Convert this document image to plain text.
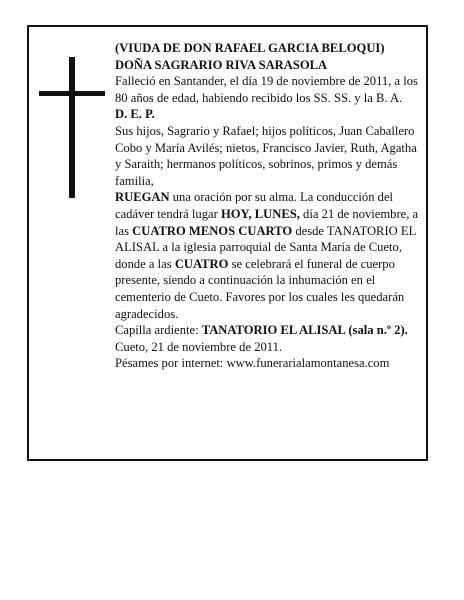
(VIUDA DE DON RAFAEL GARCIA BELOQUI)

DOÑA SAGRARIO RIVA SARASOLA

Falleció en Santander, el día 19 de noviembre de 2011, a los 80 años de edad, habiendo recibido los SS. SS. y la B. A.

D. E. P.

Sus hijos, Sagrario y Rafael; hijos políticos, Juan Caballero Cobo y María Avilés; nietos, Francisco Javier, Ruth, Agatha y Saraith; hermanos políticos, sobrinos, primos y demás familia,

RUEGAN una oración por su alma. La conducción del cadáver tendrá lugar HOY, LUNES, día 21 de noviembre, a las CUATRO MENOS CUARTO desde TANATORIO EL ALISAL a la iglesia parroquial de Santa María de Cueto, donde a las CUATRO se celebrará el funeral de cuerpo presente, siendo a continuación la inhumación en el cementerio de Cueto. Favores por los cuales les quedarán agradecidos.

Capilla ardiente: TANATORIO EL ALISAL (sala n.º 2).

Cueto, 21 de noviembre de 2011.

Pésames por internet: www.funerarialamontanesa.com
